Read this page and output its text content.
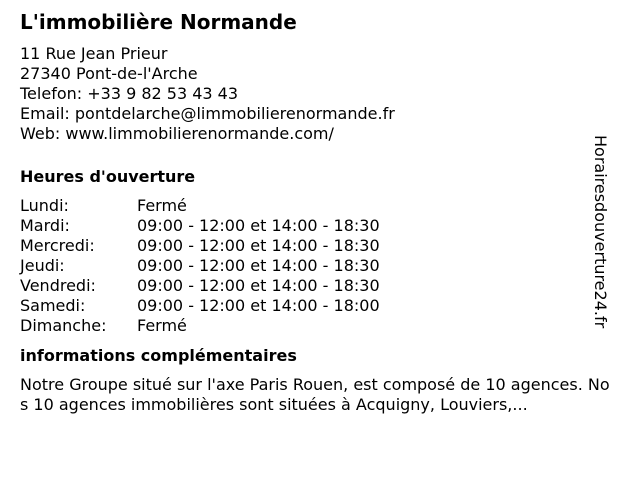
L'immobilière Normande
11 Rue Jean Prieur
27340 Pont-de-l'Arche
Telefon: +33 9 82 53 43 43
Email: pontdelarche@limmobilierenormande.fr
Web: www.limmobilierenormande.com/
Heures d'ouverture
Lundi:	Fermé
Mardi:	09:00 - 12:00 et 14:00 - 18:30
Mercredi:	09:00 - 12:00 et 14:00 - 18:30
Jeudi:	09:00 - 12:00 et 14:00 - 18:30
Vendredi:	09:00 - 12:00 et 14:00 - 18:30
Samedi:	09:00 - 12:00 et 14:00 - 18:00
Dimanche:	Fermé
informations complémentaires

Notre Groupe situé sur l'axe Paris Rouen, est composé de 10 agences. Nos 10 agences immobilières sont situées à Acquigny, Louviers,...

Horairesdouverture24.fr
